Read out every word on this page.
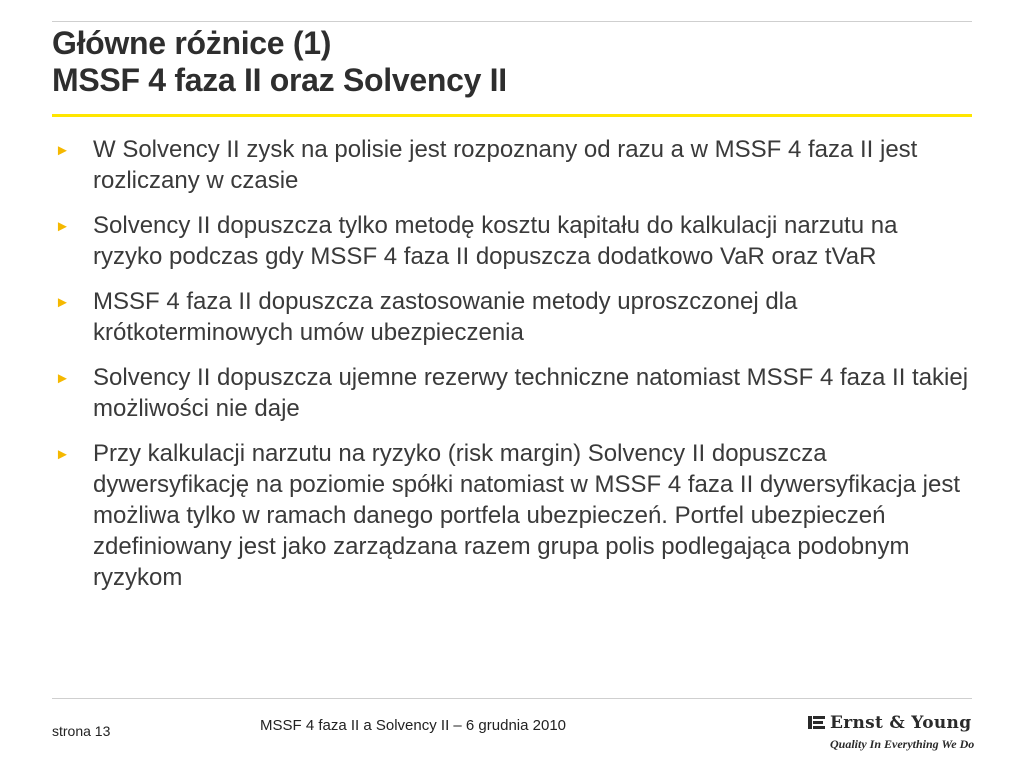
Główne różnice (1)
MSSF 4 faza II oraz Solvency II
► W Solvency II zysk na polisie jest rozpoznany od razu a w MSSF 4 faza II jest rozliczany w czasie
► Solvency II dopuszcza tylko metodę kosztu kapitału do kalkulacji narzutu na ryzyko podczas gdy MSSF 4 faza II dopuszcza dodatkowo VaR oraz tVaR
► MSSF 4 faza II dopuszcza zastosowanie metody uproszczonej dla krótkoterminowych umów ubezpieczenia
► Solvency II dopuszcza ujemne rezerwy techniczne natomiast MSSF 4 faza II takiej możliwości nie daje
► Przy kalkulacji narzutu na ryzyko (risk margin) Solvency II dopuszcza dywersyfikację na poziomie spółki natomiast w MSSF 4 faza II dywersyfikacja jest możliwa tylko w ramach danego portfela ubezpieczeń. Portfel ubezpieczeń zdefiniowany jest jako zarządzana razem grupa polis podlegająca podobnym ryzykom
strona 13	MSSF 4 faza II a Solvency II – 6 grudnia 2010	Ernst & Young
Quality In Everything We Do
